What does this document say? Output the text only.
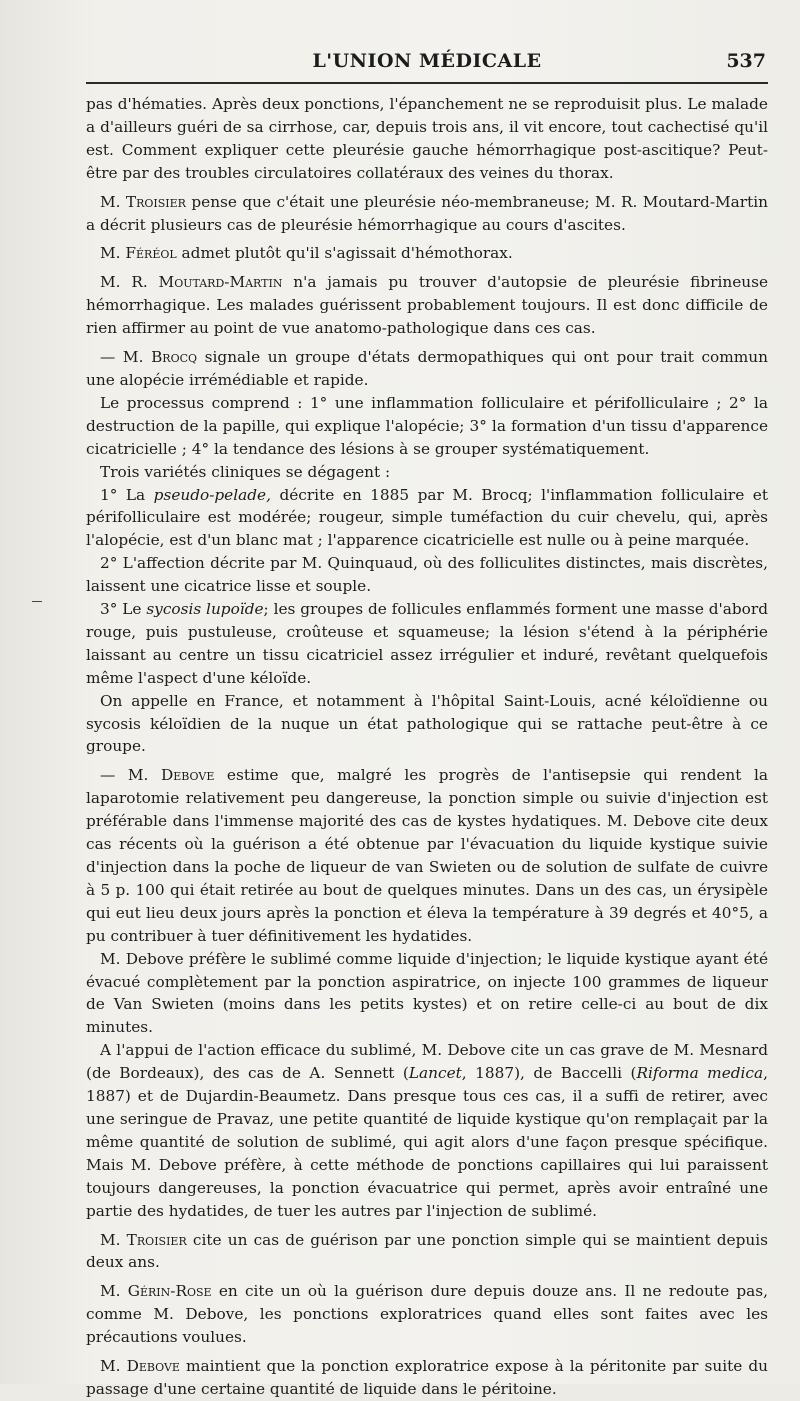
L'UNION MÉDICALE	537

pas d'hématies. Après deux ponctions, l'épanchement ne se reproduisit plus. Le malade a d'ailleurs guéri de sa cirrhose, car, depuis trois ans, il vit encore, tout cachectisé qu'il est. Comment expliquer cette pleurésie gauche hémorrhagique post-ascitique? Peut-être par des troubles circulatoires collatéraux des veines du thorax.

M. Troisier pense que c'était une pleurésie néo-membraneuse; M. R. Moutard-Martin a décrit plusieurs cas de pleurésie hémorrhagique au cours d'ascites.

M. Féréol admet plutôt qu'il s'agissait d'hémothorax.

M. R. Moutard-Martin n'a jamais pu trouver d'autopsie de pleurésie fibrineuse hémorrhagique. Les malades guérissent probablement toujours. Il est donc difficile de rien affirmer au point de vue anatomo-pathologique dans ces cas.

— M. Brocq signale un groupe d'états dermopathiques qui ont pour trait commun une alopécie irrémédiable et rapide.

Le processus comprend : 1° une inflammation folliculaire et périfolliculaire ; 2° la destruction de la papille, qui explique l'alopécie; 3° la formation d'un tissu d'apparence cicatricielle ; 4° la tendance des lésions à se grouper systématiquement.

Trois variétés cliniques se dégagent :

1° La pseudo-pelade, décrite en 1885 par M. Brocq; l'inflammation folliculaire et périfolliculaire est modérée; rougeur, simple tuméfaction du cuir chevelu, qui, après l'alopécie, est d'un blanc mat ; l'apparence cicatricielle est nulle ou à peine marquée.

2° L'affection décrite par M. Quinquaud, où des folliculites distinctes, mais discrètes, laissent une cicatrice lisse et souple.

3° Le sycosis lupoïde; les groupes de follicules enflammés forment une masse d'abord rouge, puis pustuleuse, croûteuse et squameuse; la lésion s'étend à la périphérie laissant au centre un tissu cicatriciel assez irrégulier et induré, revêtant quelquefois même l'aspect d'une kéloïde.

On appelle en France, et notamment à l'hôpital Saint-Louis, acné kéloïdienne ou sycosis kéloïdien de la nuque un état pathologique qui se rattache peut-être à ce groupe.

— M. Debove estime que, malgré les progrès de l'antisepsie qui rendent la laparotomie relativement peu dangereuse, la ponction simple ou suivie d'injection est préférable dans l'immense majorité des cas de kystes hydatiques. M. Debove cite deux cas récents où la guérison a été obtenue par l'évacuation du liquide kystique suivie d'injection dans la poche de liqueur de van Swieten ou de solution de sulfate de cuivre à 5 p. 100 qui était retirée au bout de quelques minutes. Dans un des cas, un érysipèle qui eut lieu deux jours après la ponction et éleva la température à 39 degrés et 40°5, a pu contribuer à tuer définitivement les hydatides.

M. Debove préfère le sublimé comme liquide d'injection; le liquide kystique ayant été évacué complètement par la ponction aspiratrice, on injecte 100 grammes de liqueur de Van Swieten (moins dans les petits kystes) et on retire celle-ci au bout de dix minutes.

A l'appui de l'action efficace du sublimé, M. Debove cite un cas grave de M. Mesnard (de Bordeaux), des cas de A. Sennett (Lancet, 1887), de Baccelli (Riforma medica, 1887) et de Dujardin-Beaumetz. Dans presque tous ces cas, il a suffi de retirer, avec une seringue de Pravaz, une petite quantité de liquide kystique qu'on remplaçait par la même quantité de solution de sublimé, qui agit alors d'une façon presque spécifique. Mais M. Debove préfère, à cette méthode de ponctions capillaires qui lui paraissent toujours dangereuses, la ponction évacuatrice qui permet, après avoir entraîné une partie des hydatides, de tuer les autres par l'injection de sublimé.

M. Troisier cite un cas de guérison par une ponction simple qui se maintient depuis deux ans.

M. Gérin-Rose en cite un où la guérison dure depuis douze ans. Il ne redoute pas, comme M. Debove, les ponctions exploratrices quand elles sont faites avec les précautions voulues.

M. Debove maintient que la ponction exploratrice expose à la péritonite par suite du passage d'une certaine quantité de liquide dans le péritoine.
